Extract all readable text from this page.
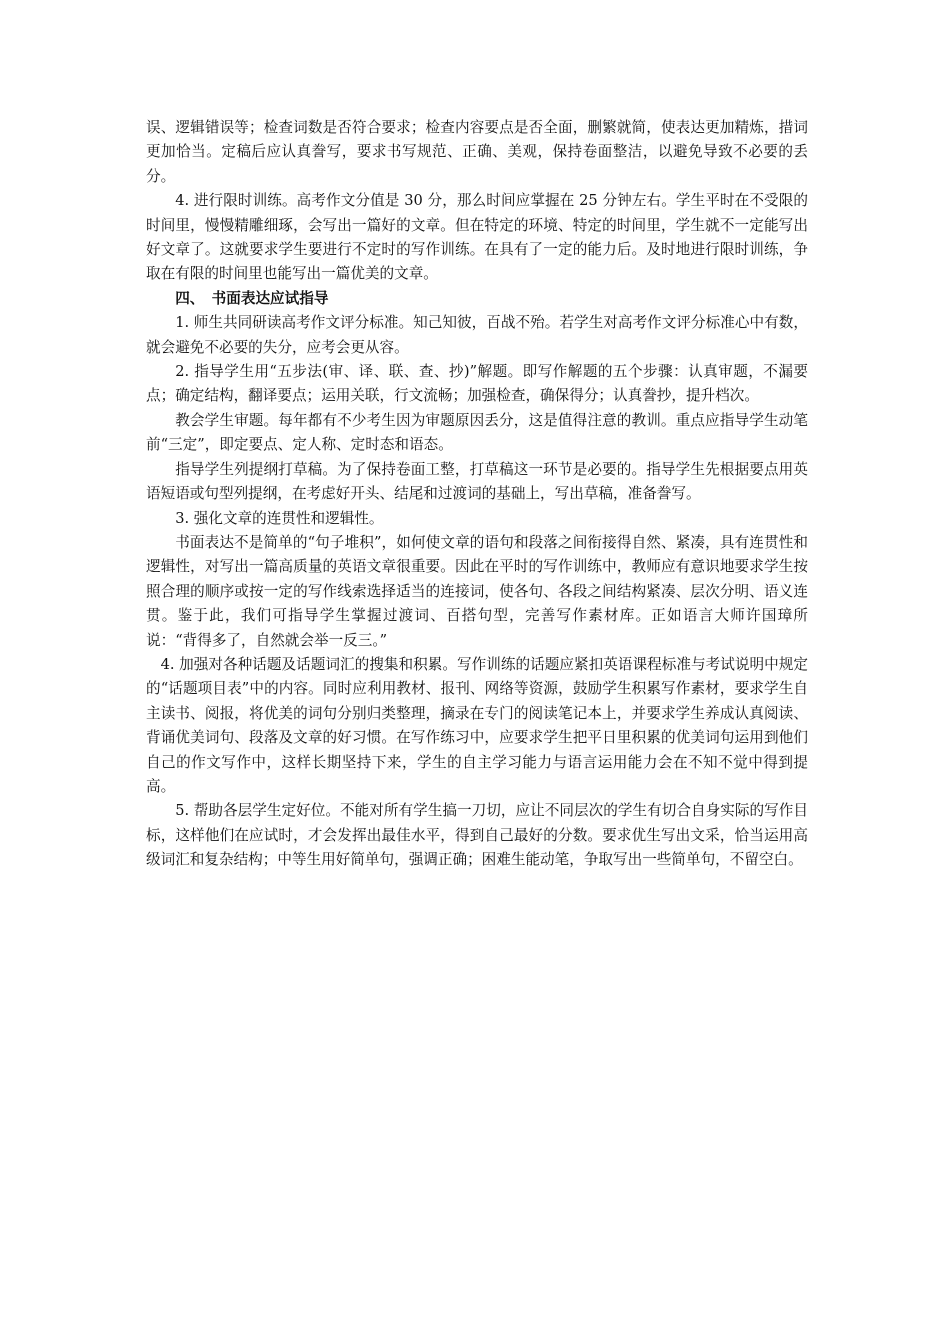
误、逻辑错误等；检查词数是否符合要求；检查内容要点是否全面，删繁就简，使表达更加精炼，措词更加恰当。定稿后应认真誊写，要求书写规范、正确、美观，保持卷面整洁，以避免导致不必要的丢分。

4. 进行限时训练。高考作文分值是 30 分，那么时间应掌握在 25 分钟左右。学生平时在不受限的时间里，慢慢精雕细琢，会写出一篇好的文章。但在特定的环境、特定的时间里，学生就不一定能写出好文章了。这就要求学生要进行不定时的写作训练。在具有了一定的能力后。及时地进行限时训练，争取在有限的时间里也能写出一篇优美的文章。

四、　书面表达应试指导

1. 师生共同研读高考作文评分标准。知己知彼，百战不殆。若学生对高考作文评分标准心中有数，就会避免不必要的失分，应考会更从容。

2. 指导学生用“五步法(审、译、联、查、抄)”解题。即写作解题的五个步骤：认真审题，不漏要点；确定结构，翻译要点；运用关联，行文流畅；加强检查，确保得分；认真誊抄，提升档次。

教会学生审题。每年都有不少考生因为审题原因丢分，这是值得注意的教训。重点应指导学生动笔前“三定”，即定要点、定人称、定时态和语态。

指导学生列提纲打草稿。为了保持卷面工整，打草稿这一环节是必要的。指导学生先根据要点用英语短语或句型列提纲，在考虑好开头、结尾和过渡词的基础上，写出草稿，准备誊写。

3. 强化文章的连贯性和逻辑性。

书面表达不是简单的“句子堆积”，如何使文章的语句和段落之间衔接得自然、紧凑，具有连贯性和逻辑性，对写出一篇高质量的英语文章很重要。因此在平时的写作训练中，教师应有意识地要求学生按照合理的顺序或按一定的写作线索选择适当的连接词，使各句、各段之间结构紧凑、层次分明、语义连贯。鉴于此，我们可指导学生掌握过渡词、百搭句型，完善写作素材库。正如语言大师许国璋所说：“背得多了，自然就会举一反三。”

4. 加强对各种话题及话题词汇的搜集和积累。写作训练的话题应紧扣英语课程标准与考试说明中规定的“话题项目表”中的内容。同时应利用教材、报刊、网络等资源，鼓励学生积累写作素材，要求学生自主读书、阅报，将优美的词句分别归类整理，摘录在专门的阅读笔记本上，并要求学生养成认真阅读、背诵优美词句、段落及文章的好习惯。在写作练习中，应要求学生把平日里积累的优美词句运用到他们自己的作文写作中，这样长期坚持下来，学生的自主学习能力与语言运用能力会在不知不觉中得到提高。

5. 帮助各层学生定好位。不能对所有学生搞一刀切，应让不同层次的学生有切合自身实际的写作目标，这样他们在应试时，才会发挥出最佳水平，得到自己最好的分数。要求优生写出文采，恰当运用高级词汇和复杂结构；中等生用好简单句，强调正确；困难生能动笔，争取写出一些简单句，不留空白。
